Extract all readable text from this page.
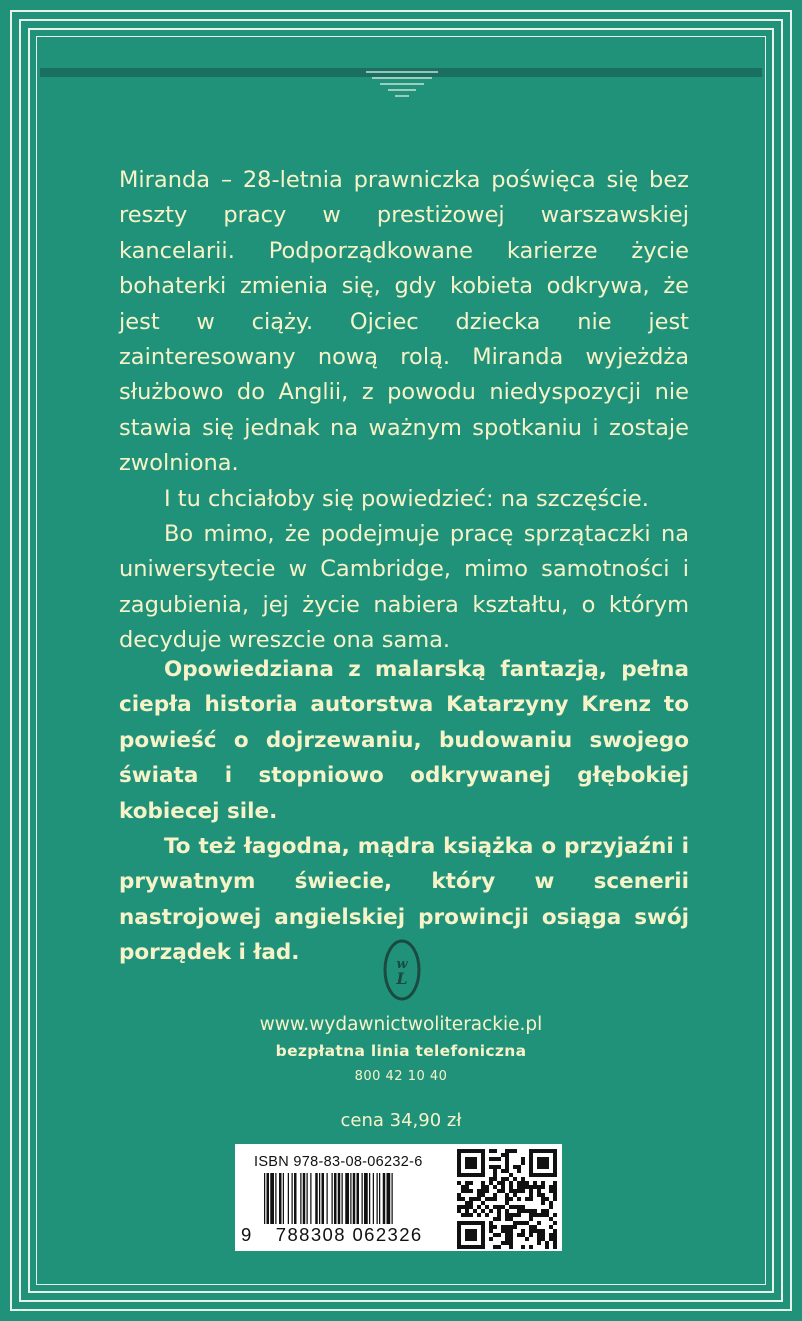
Miranda – 28-letnia prawniczka poświęca się bez reszty pracy w prestiżowej warszawskiej kancelarii. Podporządkowane karierze życie bohaterki zmienia się, gdy kobieta odkrywa, że jest w ciąży. Ojciec dziecka nie jest zainteresowany nową rolą. Miranda wyjeżdża służbowo do Anglii, z powodu niedyspozycji nie stawia się jednak na ważnym spotkaniu i zostaje zwolniona.

I tu chciałoby się powiedzieć: na szczęście.

Bo mimo, że podejmuje pracę sprzątaczki na uniwersytecie w Cambridge, mimo samotności i zagubienia, jej życie nabiera kształtu, o którym decyduje wreszcie ona sama.

Opowiedziana z malarską fantazją, pełna ciepła historia autorstwa Katarzyny Krenz to powieść o dojrzewaniu, budowaniu swojego świata i stopniowo odkrywanej głębokiej kobiecej sile.

To też łagodna, mądra książka o przyjaźni i prywatnym świecie, który w scenerii nastrojowej angielskiej prowincji osiąga swój porządek i ład.	w
L
www.wydawnictwoliterackie.pl
bezpłatna linia telefoniczna
800 42 10 40
cena 34,90 zł
ISBN 978-83-08-06232-6
9 788308 062326
